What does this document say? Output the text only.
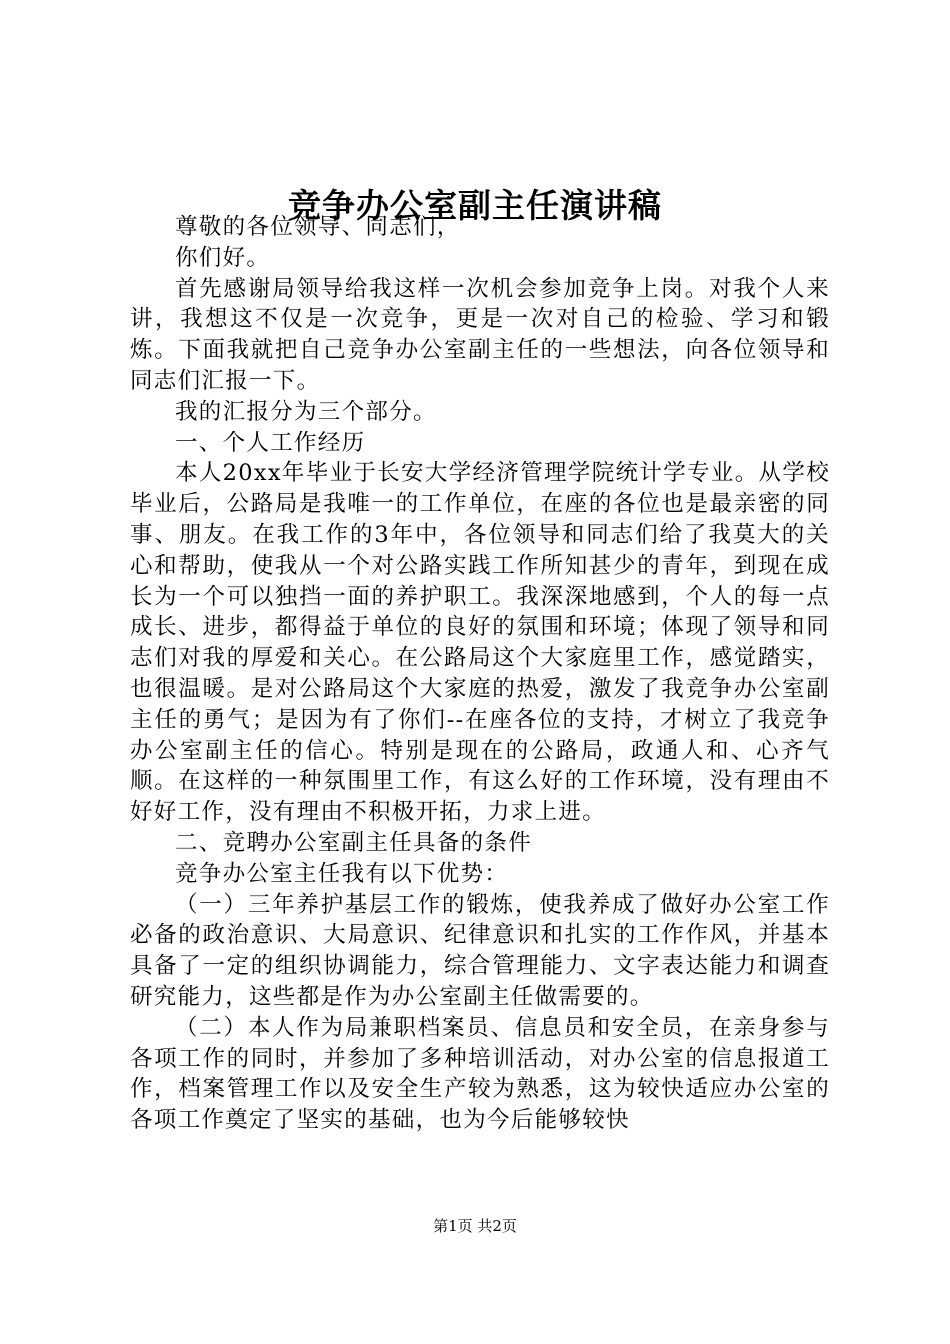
竞争办公室副主任演讲稿

尊敬的各位领导、同志们，

你们好。

首先感谢局领导给我这样一次机会参加竞争上岗。对我个人来讲，我想这不仅是一次竞争，更是一次对自己的检验、学习和锻炼。下面我就把自己竞争办公室副主任的一些想法，向各位领导和同志们汇报一下。

我的汇报分为三个部分。

一、个人工作经历

本人20xx年毕业于长安大学经济管理学院统计学专业。从学校毕业后，公路局是我唯一的工作单位，在座的各位也是最亲密的同事、朋友。在我工作的3年中，各位领导和同志们给了我莫大的关心和帮助，使我从一个对公路实践工作所知甚少的青年，到现在成长为一个可以独挡一面的养护职工。我深深地感到，个人的每一点成长、进步，都得益于单位的良好的氛围和环境；体现了领导和同志们对我的厚爱和关心。在公路局这个大家庭里工作，感觉踏实，也很温暖。是对公路局这个大家庭的热爱，激发了我竞争办公室副主任的勇气；是因为有了你们--在座各位的支持，才树立了我竞争办公室副主任的信心。特别是现在的公路局，政通人和、心齐气顺。在这样的一种氛围里工作，有这么好的工作环境，没有理由不好好工作，没有理由不积极开拓，力求上进。

二、竞聘办公室副主任具备的条件

竞争办公室主任我有以下优势：

（一）三年养护基层工作的锻炼，使我养成了做好办公室工作必备的政治意识、大局意识、纪律意识和扎实的工作作风，并基本具备了一定的组织协调能力，综合管理能力、文字表达能力和调查研究能力，这些都是作为办公室副主任做需要的。

（二）本人作为局兼职档案员、信息员和安全员，在亲身参与各项工作的同时，并参加了多种培训活动，对办公室的信息报道工作，档案管理工作以及安全生产较为熟悉，这为较快适应办公室的各项工作奠定了坚实的基础，也为今后能够较快

第1页 共2页
